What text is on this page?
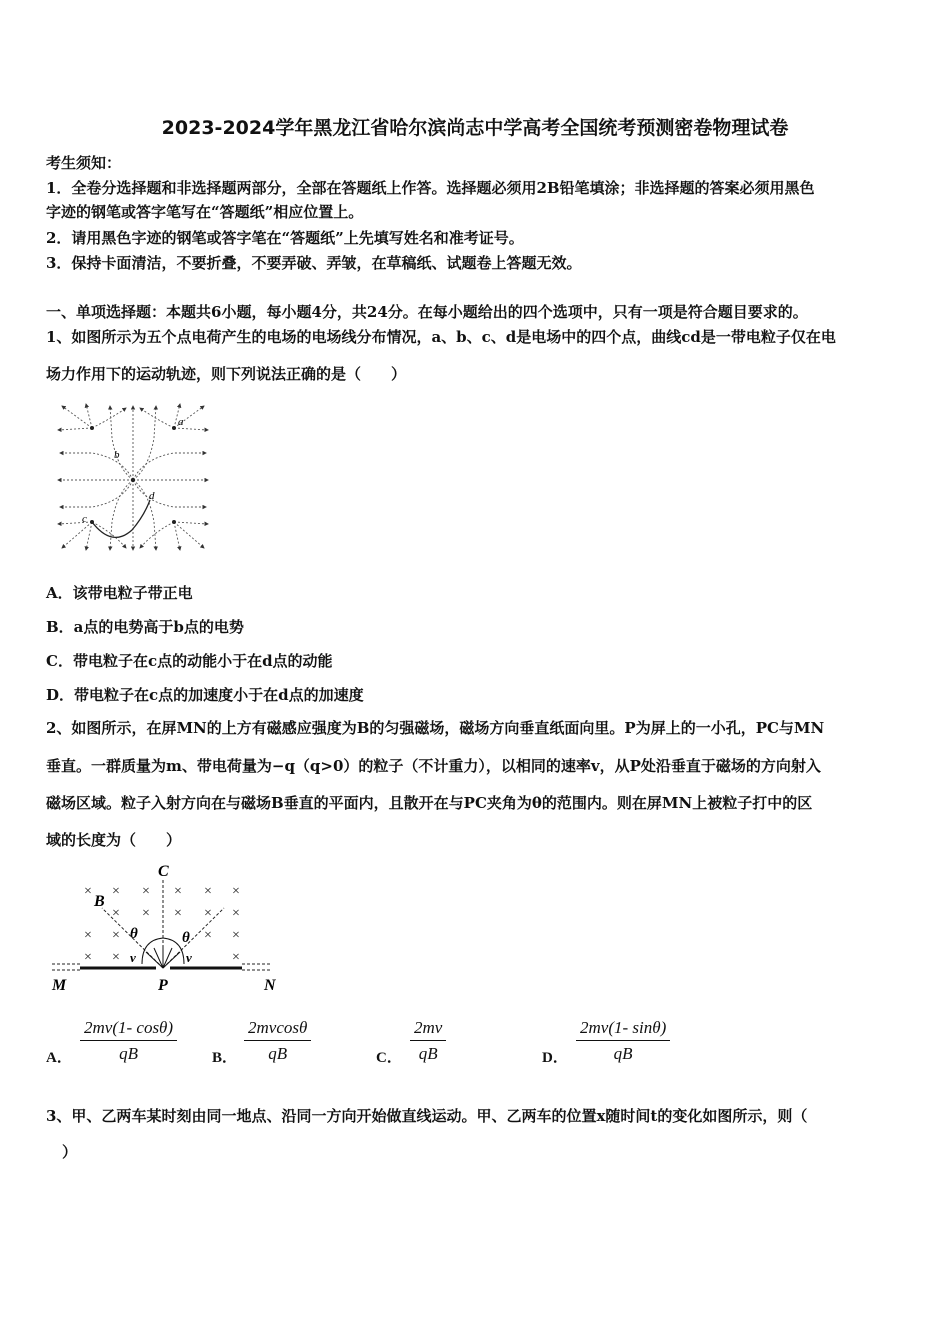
2023-2024学年黑龙江省哈尔滨尚志中学高考全国统考预测密卷物理试卷
考生须知：
1．全卷分选择题和非选择题两部分，全部在答题纸上作答。选择题必须用2B铅笔填涂；非选择题的答案必须用黑色
字迹的钢笔或答字笔写在“答题纸”相应位置上。
2．请用黑色字迹的钢笔或答字笔在“答题纸”上先填写姓名和准考证号。
3．保持卡面清洁，不要折叠，不要弄破、弄皱，在草稿纸、试题卷上答题无效。
一、单项选择题：本题共6小题，每小题4分，共24分。在每小题给出的四个选项中，只有一项是符合题目要求的。
1、如图所示为五个点电荷产生的电场的电场线分布情况，a、b、c、d是电场中的四个点，曲线cd是一带电粒子仅在电
场力作用下的运动轨迹，则下列说法正确的是（　　）
a
b
c
d
A．该带电粒子带正电
B．a点的电势高于b点的电势
C．带电粒子在c点的动能小于在d点的动能
D．带电粒子在c点的加速度小于在d点的加速度
2、如图所示，在屏MN的上方有磁感应强度为B的匀强磁场，磁场方向垂直纸面向里。P为屏上的一小孔，PC与MN
垂直。一群质量为m、带电荷量为−q（q>0）的粒子（不计重力），以相同的速率v，从P处沿垂直于磁场的方向射入
磁场区域。粒子入射方向在与磁场B垂直的平面内，且散开在与PC夹角为θ的范围内。则在屏MN上被粒子打中的区
域的长度为（　　）
× × × × × ×
× × × × ×
× ×	× ×
× ×	×
C
B
θ	θ
v	v
M	P	N
A． $\frac{2mv(1- \cos\theta)}{qB}$ B． $\frac{2mvcos\theta}{qB}$	C． $\frac{2mv}{qB}$	D． $\frac{2mv(1- \sin\theta)}{qB}$
3、甲、乙两车某时刻由同一地点、沿同一方向开始做直线运动。甲、乙两车的位置x随时间t的变化如图所示，则（
）
